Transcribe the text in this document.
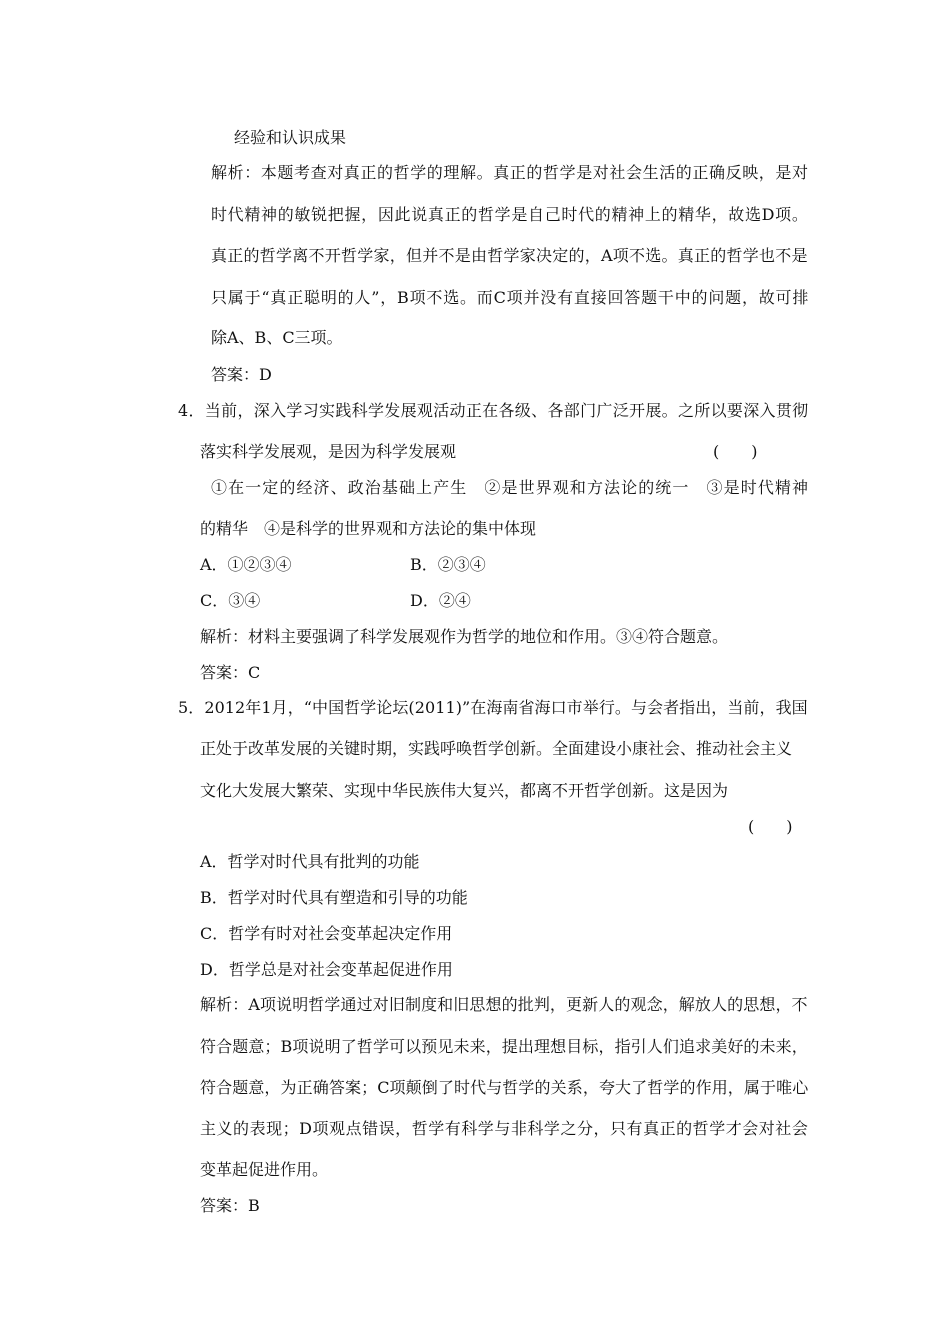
经验和认识成果
解析：本题考查对真正的哲学的理解。真正的哲学是对社会生活的正确反映，是对
时代精神的敏锐把握，因此说真正的哲学是自己时代的精神上的精华，故选D项。
真正的哲学离不开哲学家，但并不是由哲学家决定的，A项不选。真正的哲学也不是
只属于“真正聪明的人”，B项不选。而C项并没有直接回答题干中的问题，故可排
除A、B、C三项。
答案：D
4．当前，深入学习实践科学发展观活动正在各级、各部门广泛开展。之所以要深入贯彻
落实科学发展观，是因为科学发展观	(　　)
①在一定的经济、政治基础上产生　②是世界观和方法论的统一　③是时代精神
的精华　④是科学的世界观和方法论的集中体现
A．①②③④	B．②③④
C．③④	D．②④
解析：材料主要强调了科学发展观作为哲学的地位和作用。③④符合题意。
答案：C
5．2012年1月，“中国哲学论坛(2011)”在海南省海口市举行。与会者指出，当前，我国
正处于改革发展的关键时期，实践呼唤哲学创新。全面建设小康社会、推动社会主义
文化大发展大繁荣、实现中华民族伟大复兴，都离不开哲学创新。这是因为
(　　)
A．哲学对时代具有批判的功能
B．哲学对时代具有塑造和引导的功能
C．哲学有时对社会变革起决定作用
D．哲学总是对社会变革起促进作用
解析：A项说明哲学通过对旧制度和旧思想的批判，更新人的观念，解放人的思想，不
符合题意；B项说明了哲学可以预见未来，提出理想目标，指引人们追求美好的未来，
符合题意，为正确答案；C项颠倒了时代与哲学的关系，夸大了哲学的作用，属于唯心
主义的表现；D项观点错误，哲学有科学与非科学之分，只有真正的哲学才会对社会
变革起促进作用。
答案：B
